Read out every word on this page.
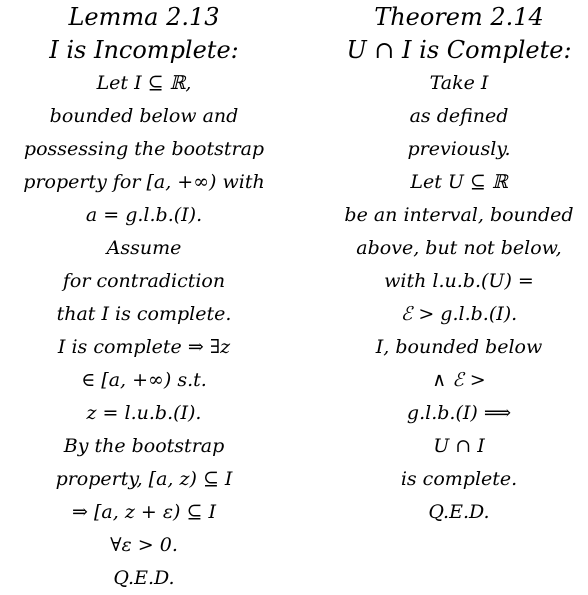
Lemma 2.13
I is Incomplete:
Let I ⊆ ℝ,
bounded below and
possessing the bootstrap
property for [a, +∞) with
a = g.l.b.(I).
Assume
for contradiction
that I is complete.
I is complete ⇒ ∃z
∈ [a, +∞) s.t.
z = l.u.b.(I).
By the bootstrap
property, [a, z) ⊆ I
⇒ [a, z + ε) ⊆ I
∀ε > 0.
Q.E.D.
Theorem 2.14
U ∩ I is Complete:
Take I
as defined
previously.
Let U ⊆ ℝ
be an interval, bounded
above, but not below,
with l.u.b.(U) =
ℰ > g.l.b.(I).
I, bounded below
∧ ℰ >
g.l.b.(I) ⟹
U ∩ I
is complete.
Q.E.D.
